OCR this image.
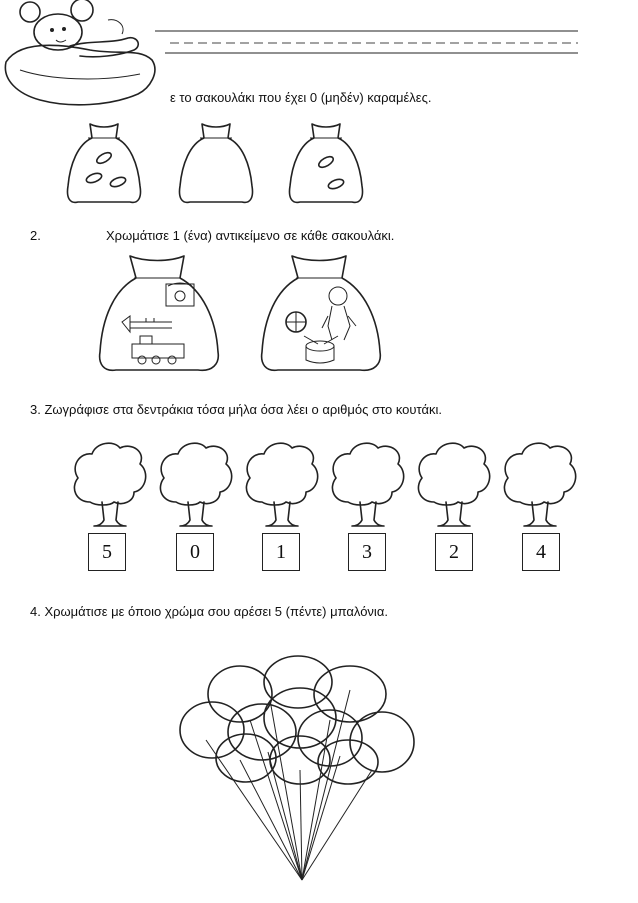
ε το σακουλάκι που έχει 0 (μηδέν) καραμέλες.
2.	Χρωμάτισε 1 (ένα) αντικείμενο σε κάθε σακουλάκι.
3. Ζωγράφισε στα δεντράκια τόσα μήλα όσα λέει ο αριθμός στο κουτάκι.
5	0	1	3	2	4
4. Χρωμάτισε με όποιο χρώμα σου αρέσει 5 (πέντε) μπαλόνια.
